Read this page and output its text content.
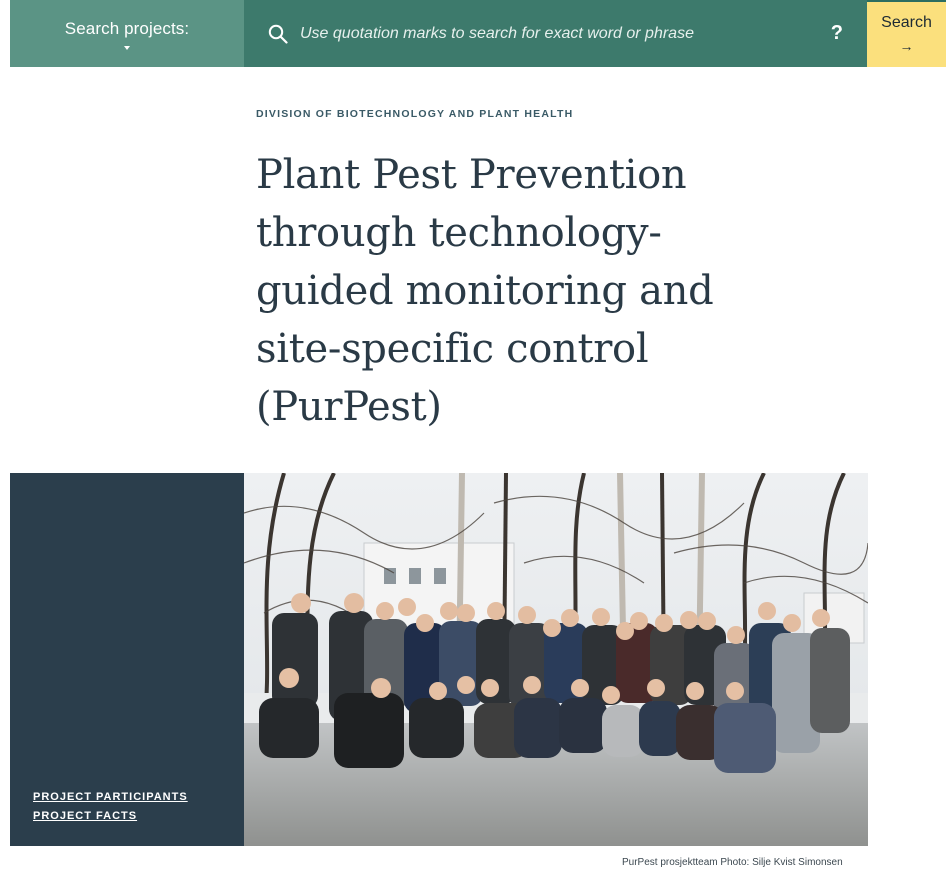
Search projects:
Use quotation marks to search for exact word or phrase	? Search
→
DIVISION OF BIOTECHNOLOGY AND PLANT HEALTH
Plant Pest Prevention through technology-guided monitoring and site-specific control (PurPest)
PROJECT PARTICIPANTS
PROJECT FACTS
PurPest prosjektteam Photo: Silje Kvist Simonsen
